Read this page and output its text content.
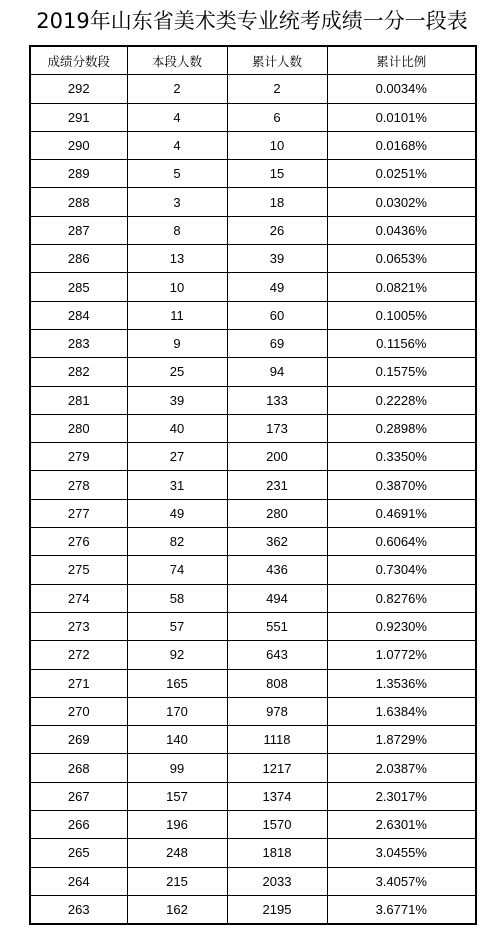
2019年山东省美术类专业统考成绩一分一段表
成绩分数段	本段人数	累计人数	累计比例
292	2	2	0.0034%
291	4	6	0.0101%
290	4	10	0.0168%
289	5	15	0.0251%
288	3	18	0.0302%
287	8	26	0.0436%
286	13	39	0.0653%
285	10	49	0.0821%
284	11	60	0.1005%
283	9	69	0.1156%
282	25	94	0.1575%
281	39	133	0.2228%
280	40	173	0.2898%
279	27	200	0.3350%
278	31	231	0.3870%
277	49	280	0.4691%
276	82	362	0.6064%
275	74	436	0.7304%
274	58	494	0.8276%
273	57	551	0.9230%
272	92	643	1.0772%
271	165	808	1.3536%
270	170	978	1.6384%
269	140	1118	1.8729%
268	99	1217	2.0387%
267	157	1374	2.3017%
266	196	1570	2.6301%
265	248	1818	3.0455%
264	215	2033	3.4057%
263	162	2195	3.6771%
